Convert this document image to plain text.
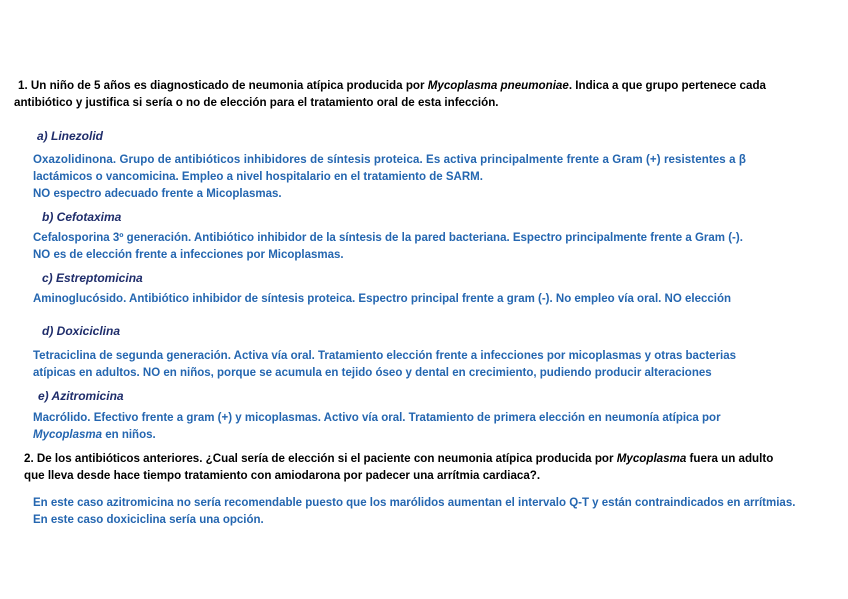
1. Un niño de 5 años es diagnosticado de neumonia atípica producida por Mycoplasma pneumoniae. Indica a que grupo pertenece cada
antibiótico y justifica si sería o no de elección para el tratamiento oral de esta infección.
a) Linezolid
Oxazolidinona. Grupo de antibióticos inhibidores de síntesis proteica. Es activa principalmente frente a Gram (+) resistentes a β
lactámicos o vancomicina. Empleo a nivel hospitalario en el tratamiento de SARM.
NO espectro adecuado frente a Micoplasmas.
b) Cefotaxima
Cefalosporina 3º generación. Antibiótico inhibidor de la síntesis de la pared bacteriana. Espectro principalmente frente a Gram (-).
NO es de elección frente a infecciones por Micoplasmas.
c) Estreptomicina
Aminoglucósido. Antibiótico inhibidor de síntesis proteica. Espectro principal frente a gram (-). No empleo vía oral. NO elección
d) Doxiciclina
Tetraciclina de segunda generación. Activa vía oral. Tratamiento elección frente a infecciones por micoplasmas y otras bacterias
atípicas en adultos. NO en niños, porque se acumula en tejido óseo y dental en crecimiento, pudiendo producir alteraciones
e) Azitromicina
Macrólido. Efectivo frente a gram (+) y micoplasmas. Activo vía oral. Tratamiento de primera elección en neumonía atípica por
Mycoplasma en niños.
2. De los antibióticos anteriores. ¿Cual sería de elección si el paciente con neumonia atípica producida por Mycoplasma fuera un adulto
que lleva desde hace tiempo tratamiento con amiodarona por padecer una arrítmia cardiaca?.
En este caso azitromicina no sería recomendable puesto que los marólidos aumentan el intervalo Q-T y están contraindicados en arrítmias.
En este caso doxiciclina sería una opción.
